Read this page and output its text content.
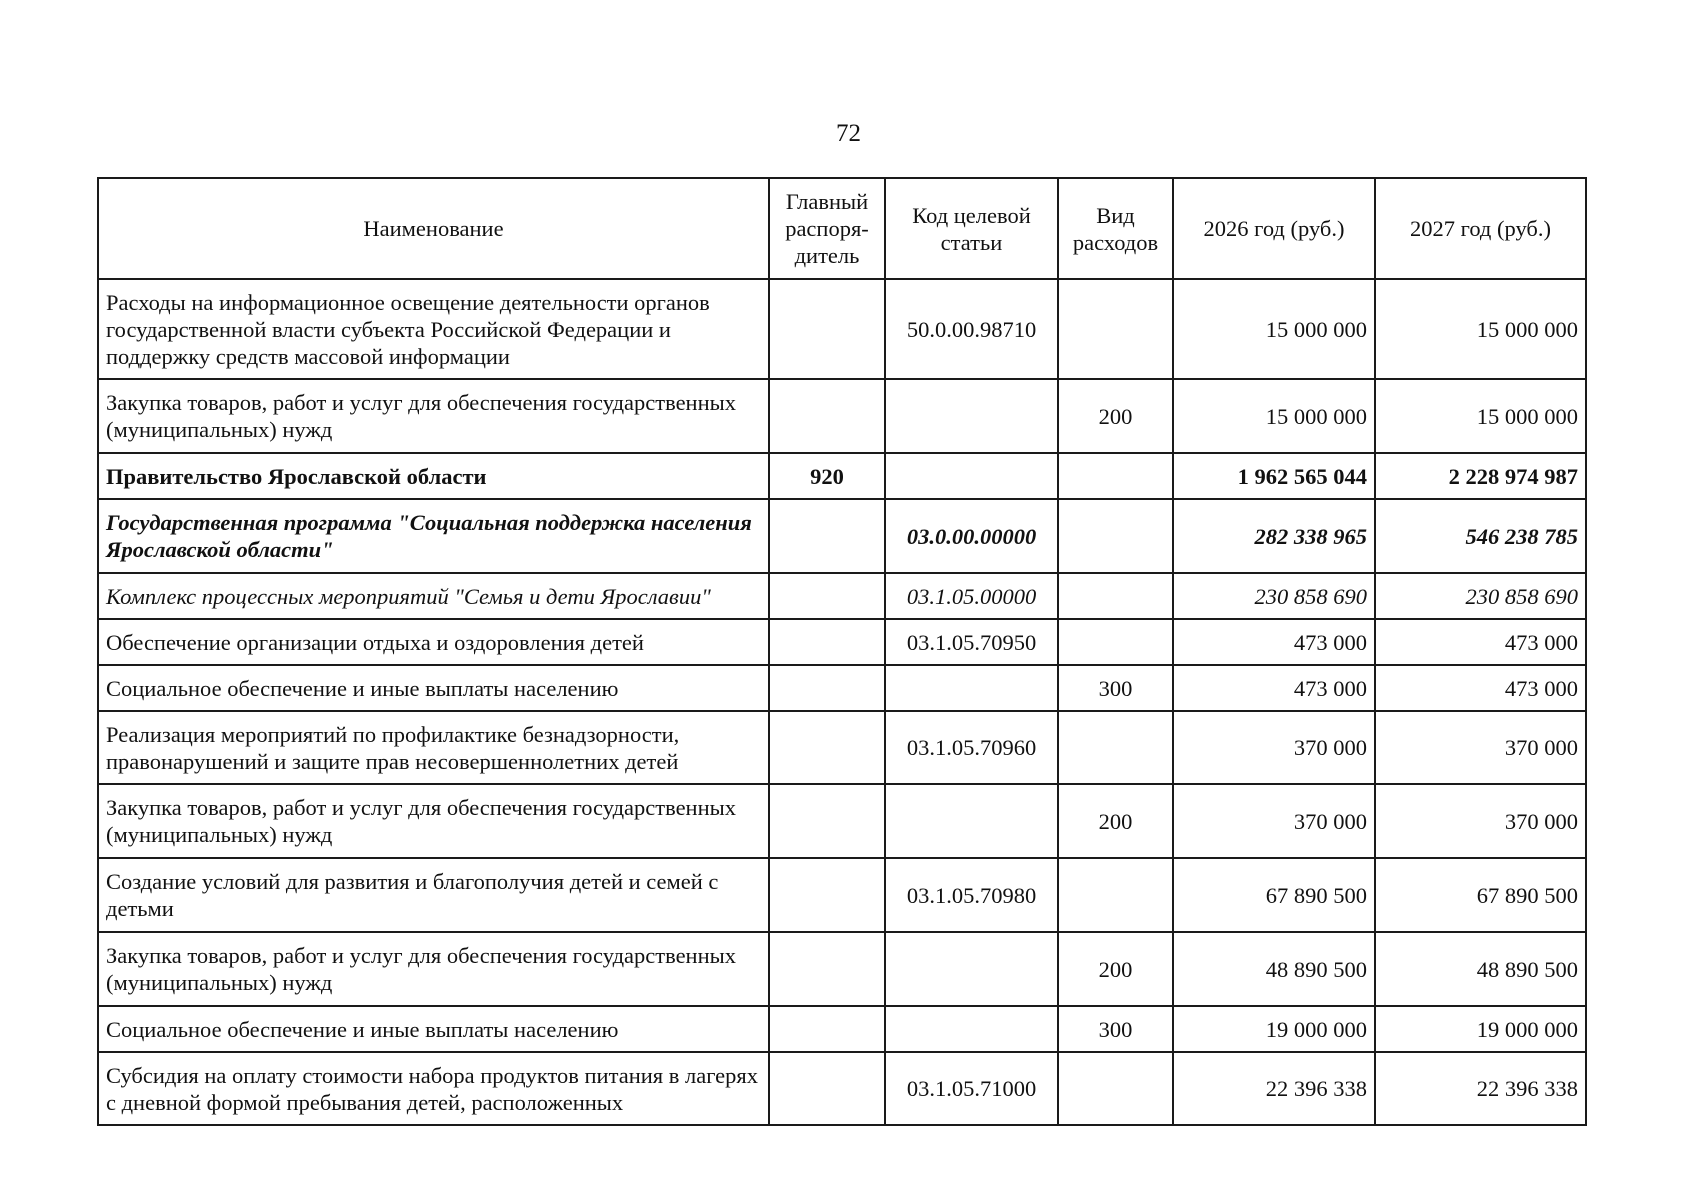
72
Наименование	Главный распоря-дитель	Код целевой статьи	Вид расходов	2026 год (руб.)	2027 год (руб.)
Расходы на информационное освещение деятельности органов государственной власти субъекта Российской Федерации и поддержку средств массовой информации		50.0.00.98710		15 000 000	15 000 000
Закупка товаров, работ и услуг для обеспечения государственных (муниципальных) нужд			200	15 000 000	15 000 000
Правительство Ярославской области	920			1 962 565 044	2 228 974 987
Государственная программа "Социальная поддержка населения Ярославской области"		03.0.00.00000		282 338 965	546 238 785
Комплекс процессных мероприятий "Семья и дети Ярославии"		03.1.05.00000		230 858 690	230 858 690
Обеспечение организации отдыха и оздоровления детей		03.1.05.70950		473 000	473 000
Социальное обеспечение и иные выплаты населению			300	473 000	473 000
Реализация мероприятий по профилактике безнадзорности, правонарушений и защите прав несовершеннолетних детей		03.1.05.70960		370 000	370 000
Закупка товаров, работ и услуг для обеспечения государственных (муниципальных) нужд			200	370 000	370 000
Создание условий для развития и благополучия детей и семей с детьми		03.1.05.70980		67 890 500	67 890 500
Закупка товаров, работ и услуг для обеспечения государственных (муниципальных) нужд			200	48 890 500	48 890 500
Социальное обеспечение и иные выплаты населению			300	19 000 000	19 000 000
Субсидия на оплату стоимости набора продуктов питания в лагерях с дневной формой пребывания детей, расположенных		03.1.05.71000		22 396 338	22 396 338
